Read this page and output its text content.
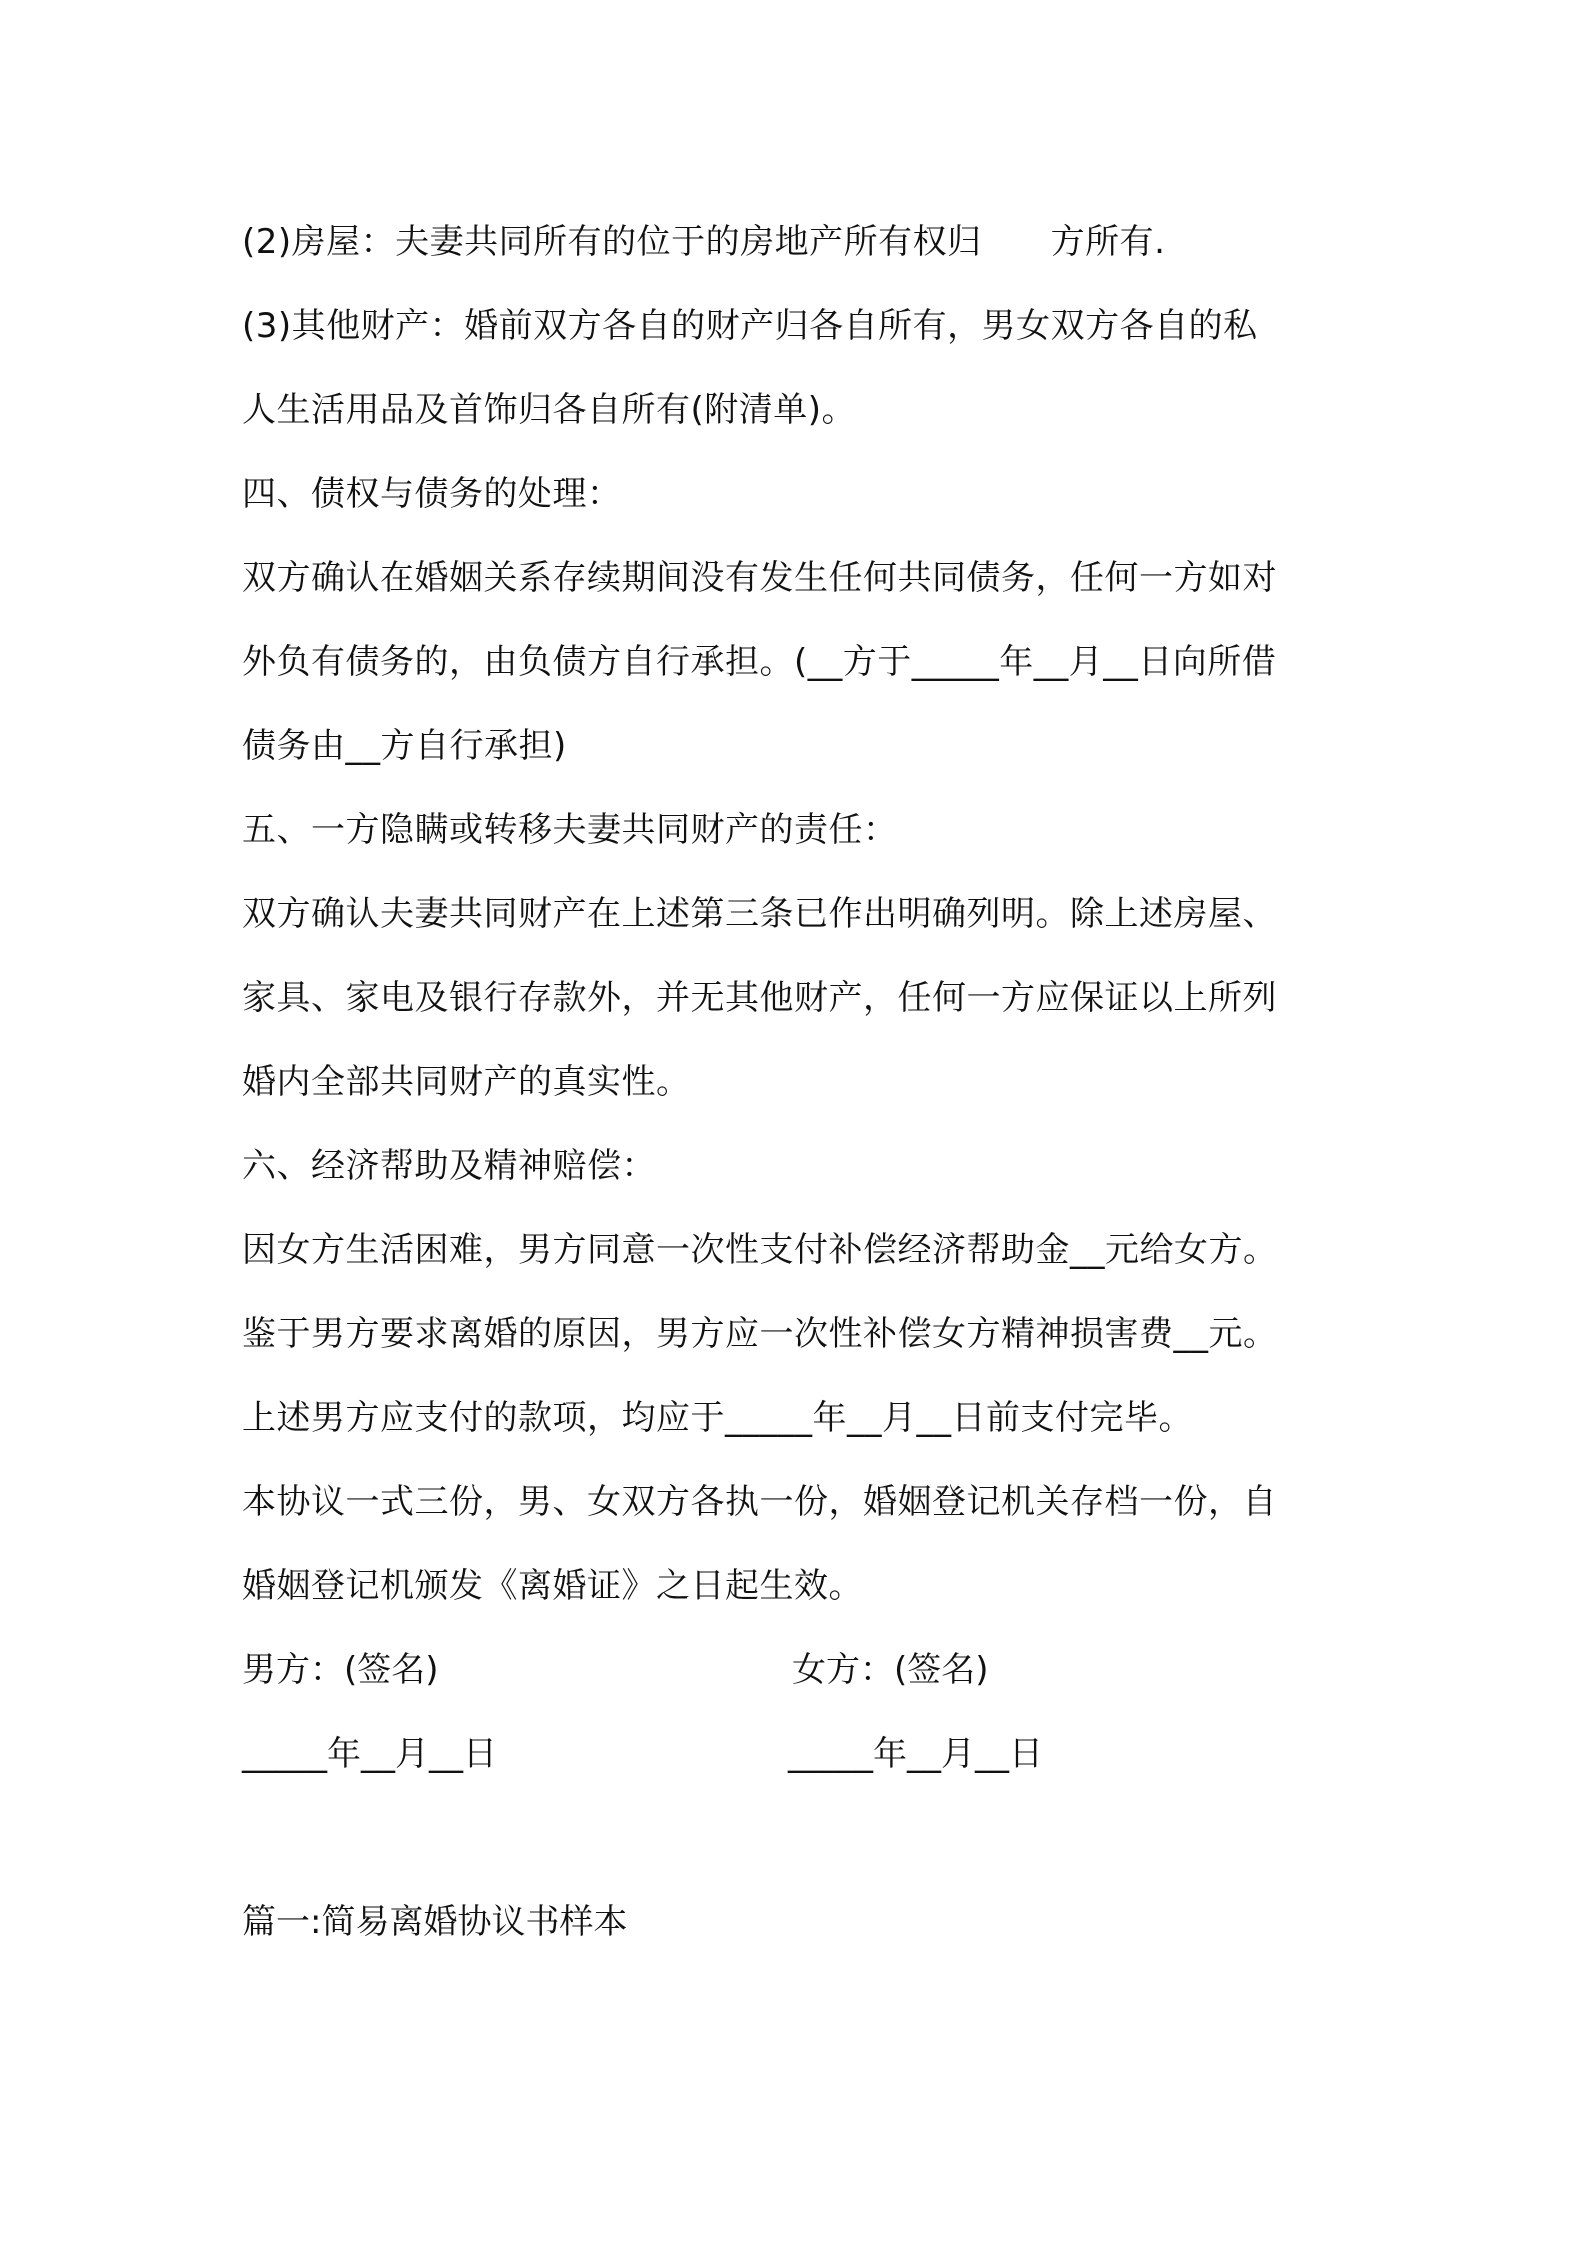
(2)房屋：夫妻共同所有的位于的房地产所有权归　　方所有.
(3)其他财产：婚前双方各自的财产归各自所有，男女双方各自的私
人生活用品及首饰归各自所有(附清单)。
四、债权与债务的处理：
双方确认在婚姻关系存续期间没有发生任何共同债务，任何一方如对
外负有债务的，由负债方自行承担。(__方于_____年__月__日向所借
债务由__方自行承担)
五、一方隐瞒或转移夫妻共同财产的责任：
双方确认夫妻共同财产在上述第三条已作出明确列明。除上述房屋、
家具、家电及银行存款外，并无其他财产，任何一方应保证以上所列
婚内全部共同财产的真实性。
六、经济帮助及精神赔偿：
因女方生活困难，男方同意一次性支付补偿经济帮助金__元给女方。
鉴于男方要求离婚的原因，男方应一次性补偿女方精神损害费__元。
上述男方应支付的款项，均应于_____年__月__日前支付完毕。
本协议一式三份，男、女双方各执一份，婚姻登记机关存档一份，自
婚姻登记机颁发《离婚证》之日起生效。
男方：(签名)	女方：(签名)
_____年__月__日	_____年__月__日
篇一:简易离婚协议书样本
